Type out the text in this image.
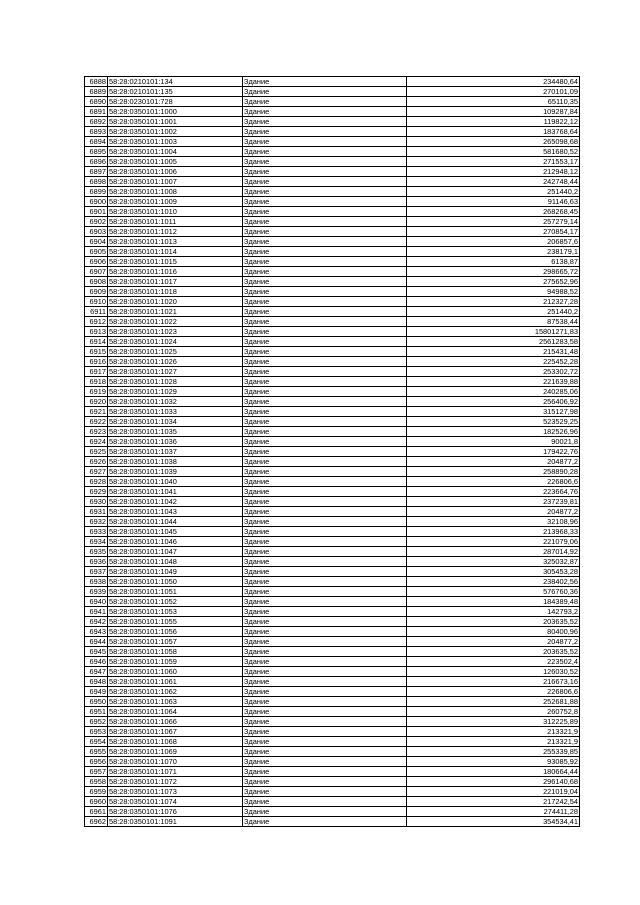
6888	58:28:0210101:134	Здание	234480,64
6889	58:28:0210101:135	Здание	270101,09
6890	58:28:0230101:728	Здание	65110,35
6891	58:28:0350101:1000	Здание	109287,84
6892	58:28:0350101:1001	Здание	119822,12
6893	58:28:0350101:1002	Здание	183768,64
6894	58:28:0350101:1003	Здание	265098,68
6895	58:28:0350101:1004	Здание	581680,52
6896	58:28:0350101:1005	Здание	271553,17
6897	58:28:0350101:1006	Здание	212948,12
6898	58:28:0350101:1007	Здание	242748,44
6899	58:28:0350101:1008	Здание	251440,2
6900	58:28:0350101:1009	Здание	91146,63
6901	58:28:0350101:1010	Здание	268268,45
6902	58:28:0350101:1011	Здание	257279,14
6903	58:28:0350101:1012	Здание	270854,17
6904	58:28:0350101:1013	Здание	206857,6
6905	58:28:0350101:1014	Здание	238179,1
6906	58:28:0350101:1015	Здание	6138,87
6907	58:28:0350101:1016	Здание	298665,72
6908	58:28:0350101:1017	Здание	275652,96
6909	58:28:0350101:1018	Здание	94988,52
6910	58:28:0350101:1020	Здание	212327,28
6911	58:28:0350101:1021	Здание	251440,2
6912	58:28:0350101:1022	Здание	87538,44
6913	58:28:0350101:1023	Здание	15801271,83
6914	58:28:0350101:1024	Здание	2561283,58
6915	58:28:0350101:1025	Здание	215431,48
6916	58:28:0350101:1026	Здание	225452,28
6917	58:28:0350101:1027	Здание	253302,72
6918	58:28:0350101:1028	Здание	221639,88
6919	58:28:0350101:1029	Здание	240285,06
6920	58:28:0350101:1032	Здание	256406,92
6921	58:28:0350101:1033	Здание	315127,98
6922	58:28:0350101:1034	Здание	523529,25
6923	58:28:0350101:1035	Здание	182526,96
6924	58:28:0350101:1036	Здание	90021,8
6925	58:28:0350101:1037	Здание	179422,76
6926	58:28:0350101:1038	Здание	204877,2
6927	58:28:0350101:1039	Здание	258890,28
6928	58:28:0350101:1040	Здание	226806,6
6929	58:28:0350101:1041	Здание	223664,76
6930	58:28:0350101:1042	Здание	237239,81
6931	58:28:0350101:1043	Здание	204877,2
6932	58:28:0350101:1044	Здание	32108,96
6933	58:28:0350101:1045	Здание	213968,33
6934	58:28:0350101:1046	Здание	221079,06
6935	58:28:0350101:1047	Здание	287014,92
6936	58:28:0350101:1048	Здание	325032,87
6937	58:28:0350101:1049	Здание	305453,28
6938	58:28:0350101:1050	Здание	238402,56
6939	58:28:0350101:1051	Здание	576760,36
6940	58:28:0350101:1052	Здание	184389,48
6941	58:28:0350101:1053	Здание	142793,2
6942	58:28:0350101:1055	Здание	203635,52
6943	58:28:0350101:1056	Здание	80400,96
6944	58:28:0350101:1057	Здание	204877,2
6945	58:28:0350101:1058	Здание	203635,52
6946	58:28:0350101:1059	Здание	223502,4
6947	58:28:0350101:1060	Здание	126030,52
6948	58:28:0350101:1061	Здание	216673,16
6949	58:28:0350101:1062	Здание	226806,6
6950	58:28:0350101:1063	Здание	252681,88
6951	58:28:0350101:1064	Здание	260752,8
6952	58:28:0350101:1066	Здание	312225,89
6953	58:28:0350101:1067	Здание	213321,9
6954	58:28:0350101:1068	Здание	213321,9
6955	58:28:0350101:1069	Здание	255339,85
6956	58:28:0350101:1070	Здание	93085,92
6957	58:28:0350101:1071	Здание	180664,44
6958	58:28:0350101:1072	Здание	296140,68
6959	58:28:0350101:1073	Здание	221019,04
6960	58:28:0350101:1074	Здание	217242,54
6961	58:28:0350101:1076	Здание	274411,28
6962	58:28:0350101:1091	Здание	354534,41
